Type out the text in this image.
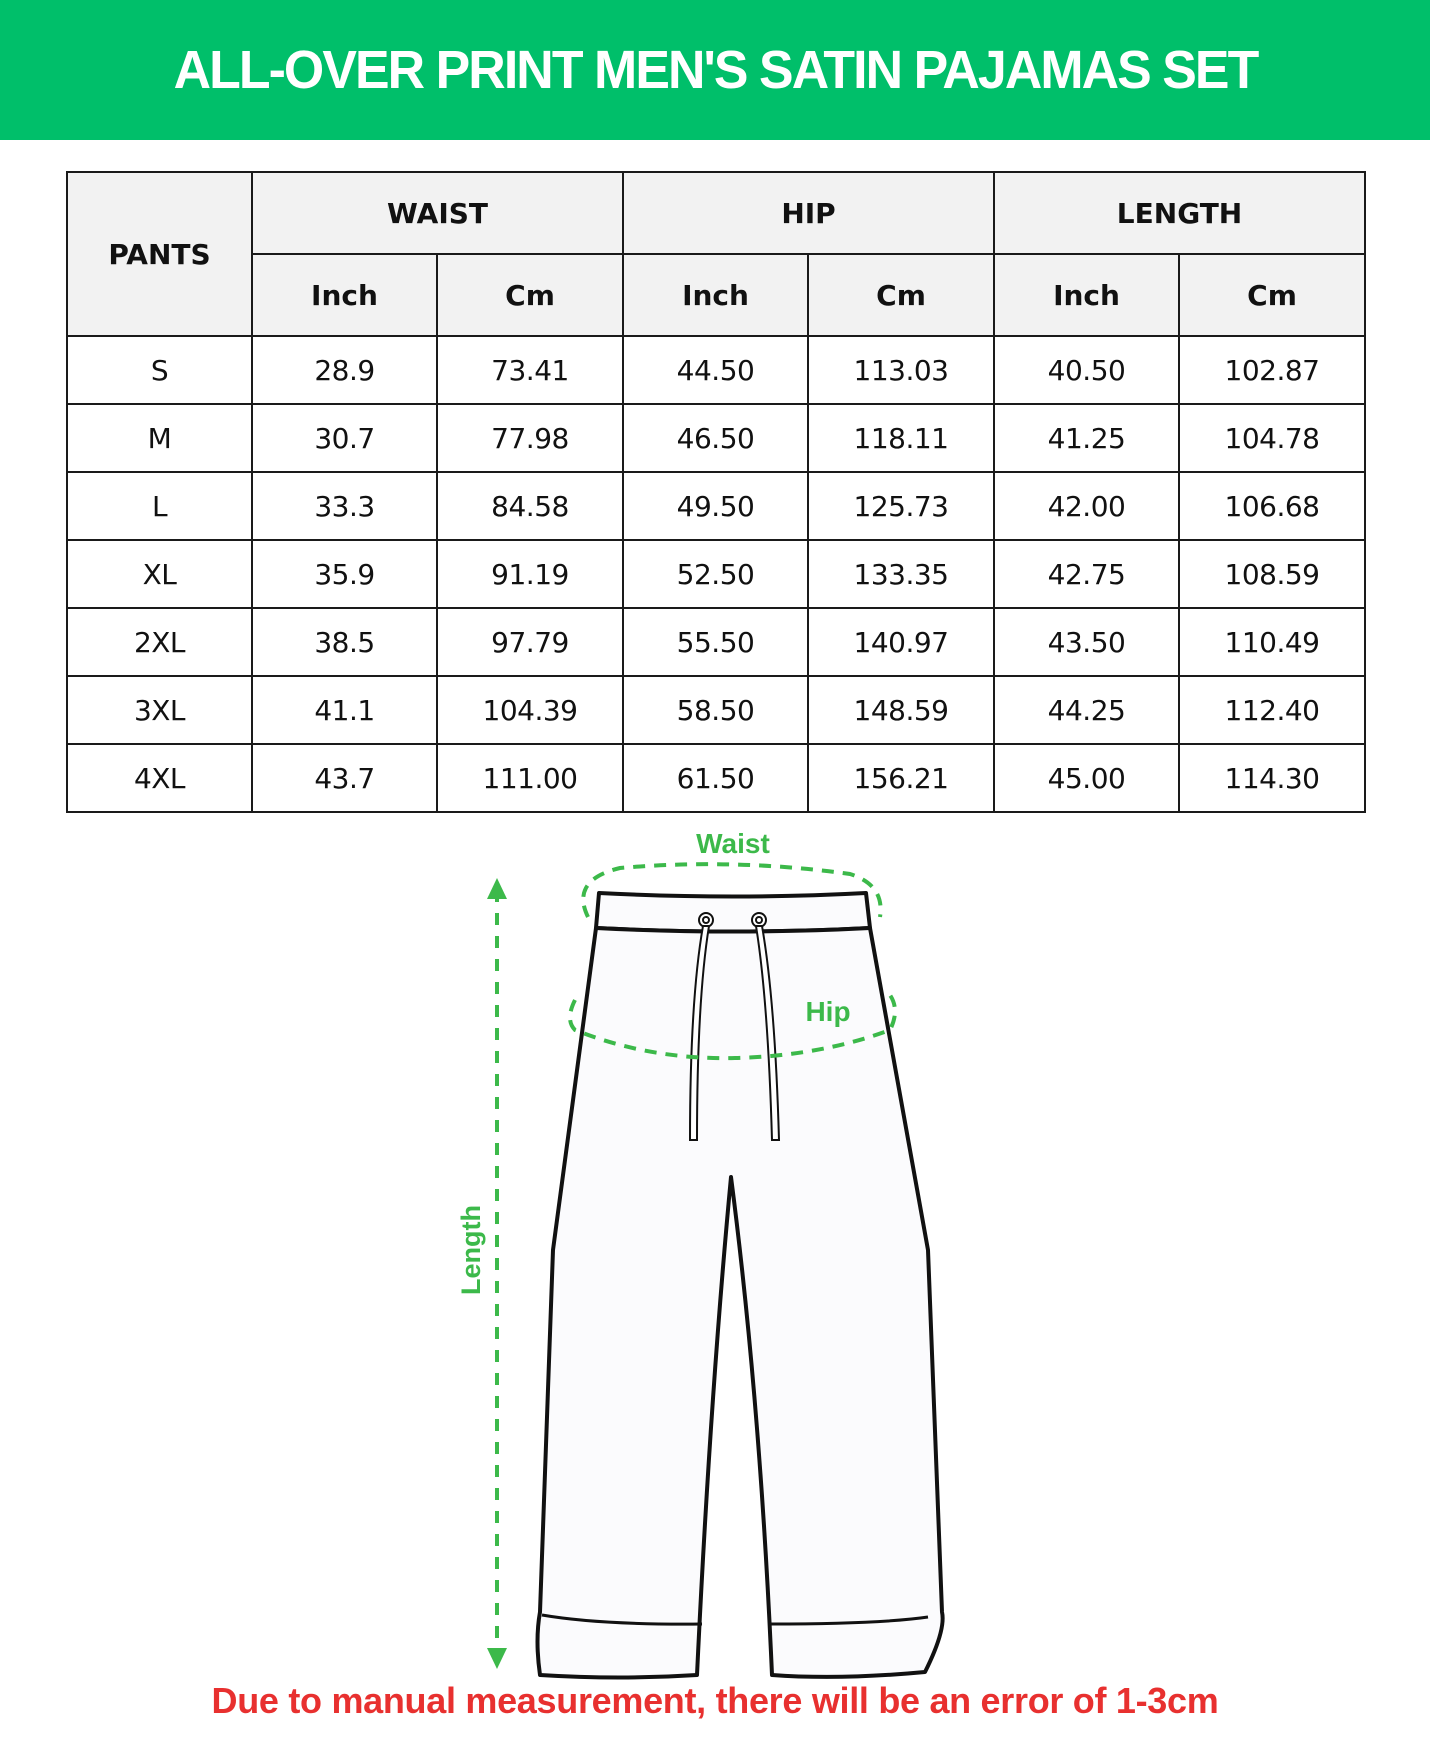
ALL-OVER PRINT MEN'S SATIN PAJAMAS SET
PANTS	WAIST		HIP		LENGTH	
	Inch	Cm	Inch	Cm	Inch	Cm
S	28.9	73.41	44.50	113.03	40.50	102.87
M	30.7	77.98	46.50	118.11	41.25	104.78
L	33.3	84.58	49.50	125.73	42.00	106.68
XL	35.9	91.19	52.50	133.35	42.75	108.59
2XL	38.5	97.79	55.50	140.97	43.50	110.49
3XL	41.1	104.39	58.50	148.59	44.25	112.40
4XL	43.7	111.00	61.50	156.21	45.00	114.30
Waist
Hip
Length
Due to manual measurement, there will be an error of 1-3cm
